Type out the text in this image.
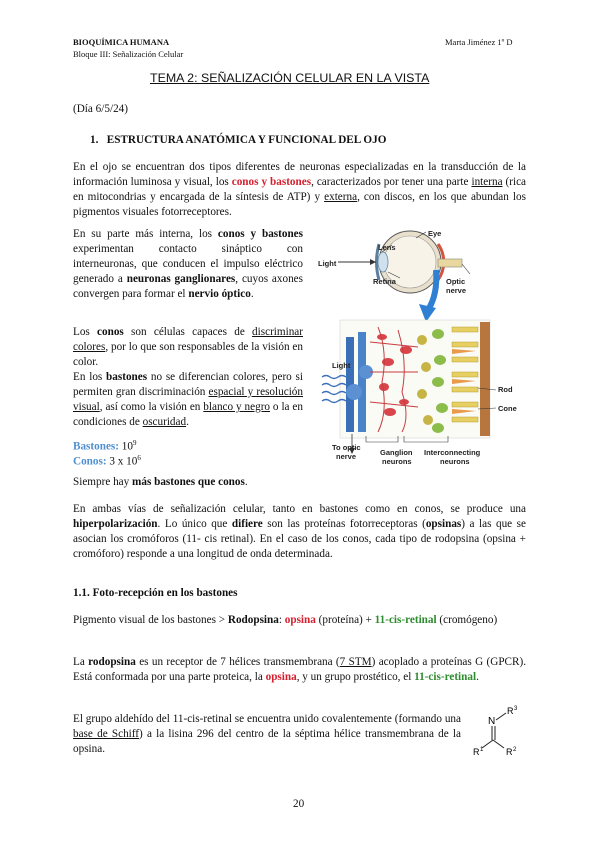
BIOQUÍMICA HUMANA
Bloque III: Señalización Celular
Marta Jiménez 1º D
TEMA 2: SEÑALIZACIÓN CELULAR EN LA VISTA
(Día 6/5/24)
1. ESTRUCTURA ANATÓMICA Y FUNCIONAL DEL OJO
En el ojo se encuentran dos tipos diferentes de neuronas especializadas en la transducción de la información luminosa y visual, los conos y bastones, caracterizados por tener una parte interna (rica en mitocondrias y encargada de la síntesis de ATP) y externa, con discos, en los que abundan los pigmentos visuales fotorreceptores.
En su parte más interna, los conos y bastones experimentan contacto sináptico con interneuronas, que conducen el impulso eléctrico generado a neuronas ganglionares, cuyos axones convergen para formar el nervio óptico.
Los conos son células capaces de discriminar colores, por lo que son responsables de la visión en color.
En los bastones no se diferencian colores, pero si permiten gran discriminación espacial y resolución visual, así como la visión en blanco y negro o la en condiciones de oscuridad.
Bastones: $10^9$
Conos: 3 x $10^6$
Siempre hay más bastones que conos.
En ambas vías de señalización celular, tanto en bastones como en conos, se produce una hiperpolarización. Lo único que difiere son las proteínas fotorreceptoras (opsinas) a las que se asocian los cromóforos (11- cis retinal). En el caso de los conos, cada tipo de rodopsina (opsina + cromóforo) responde a una longitud de onda determinada.
1.1. Foto-recepción en los bastones
Pigmento visual de los bastones > Rodopsina: opsina (proteína) + 11-cis-retinal (cromógeno)
La rodopsina es un receptor de 7 hélices transmembrana (7 STM) acoplado a proteínas G (GPCR). Está conformada por una parte proteica, la opsina, y un grupo prostético, el 11-cis-retinal.
El grupo aldehído del 11-cis-retinal se encuentra unido covalentemente (formando una base de Schiff) a la lisina 296 del centro de la séptima hélice transmembrana de la opsina.
N
R 3
R 1	R 2
Eye
Lens
Light
Retina	Optic
nerve
Light
Rod
Cone
To optic
nerve	Ganglion
neurons
Interconnecting
neurons
20
